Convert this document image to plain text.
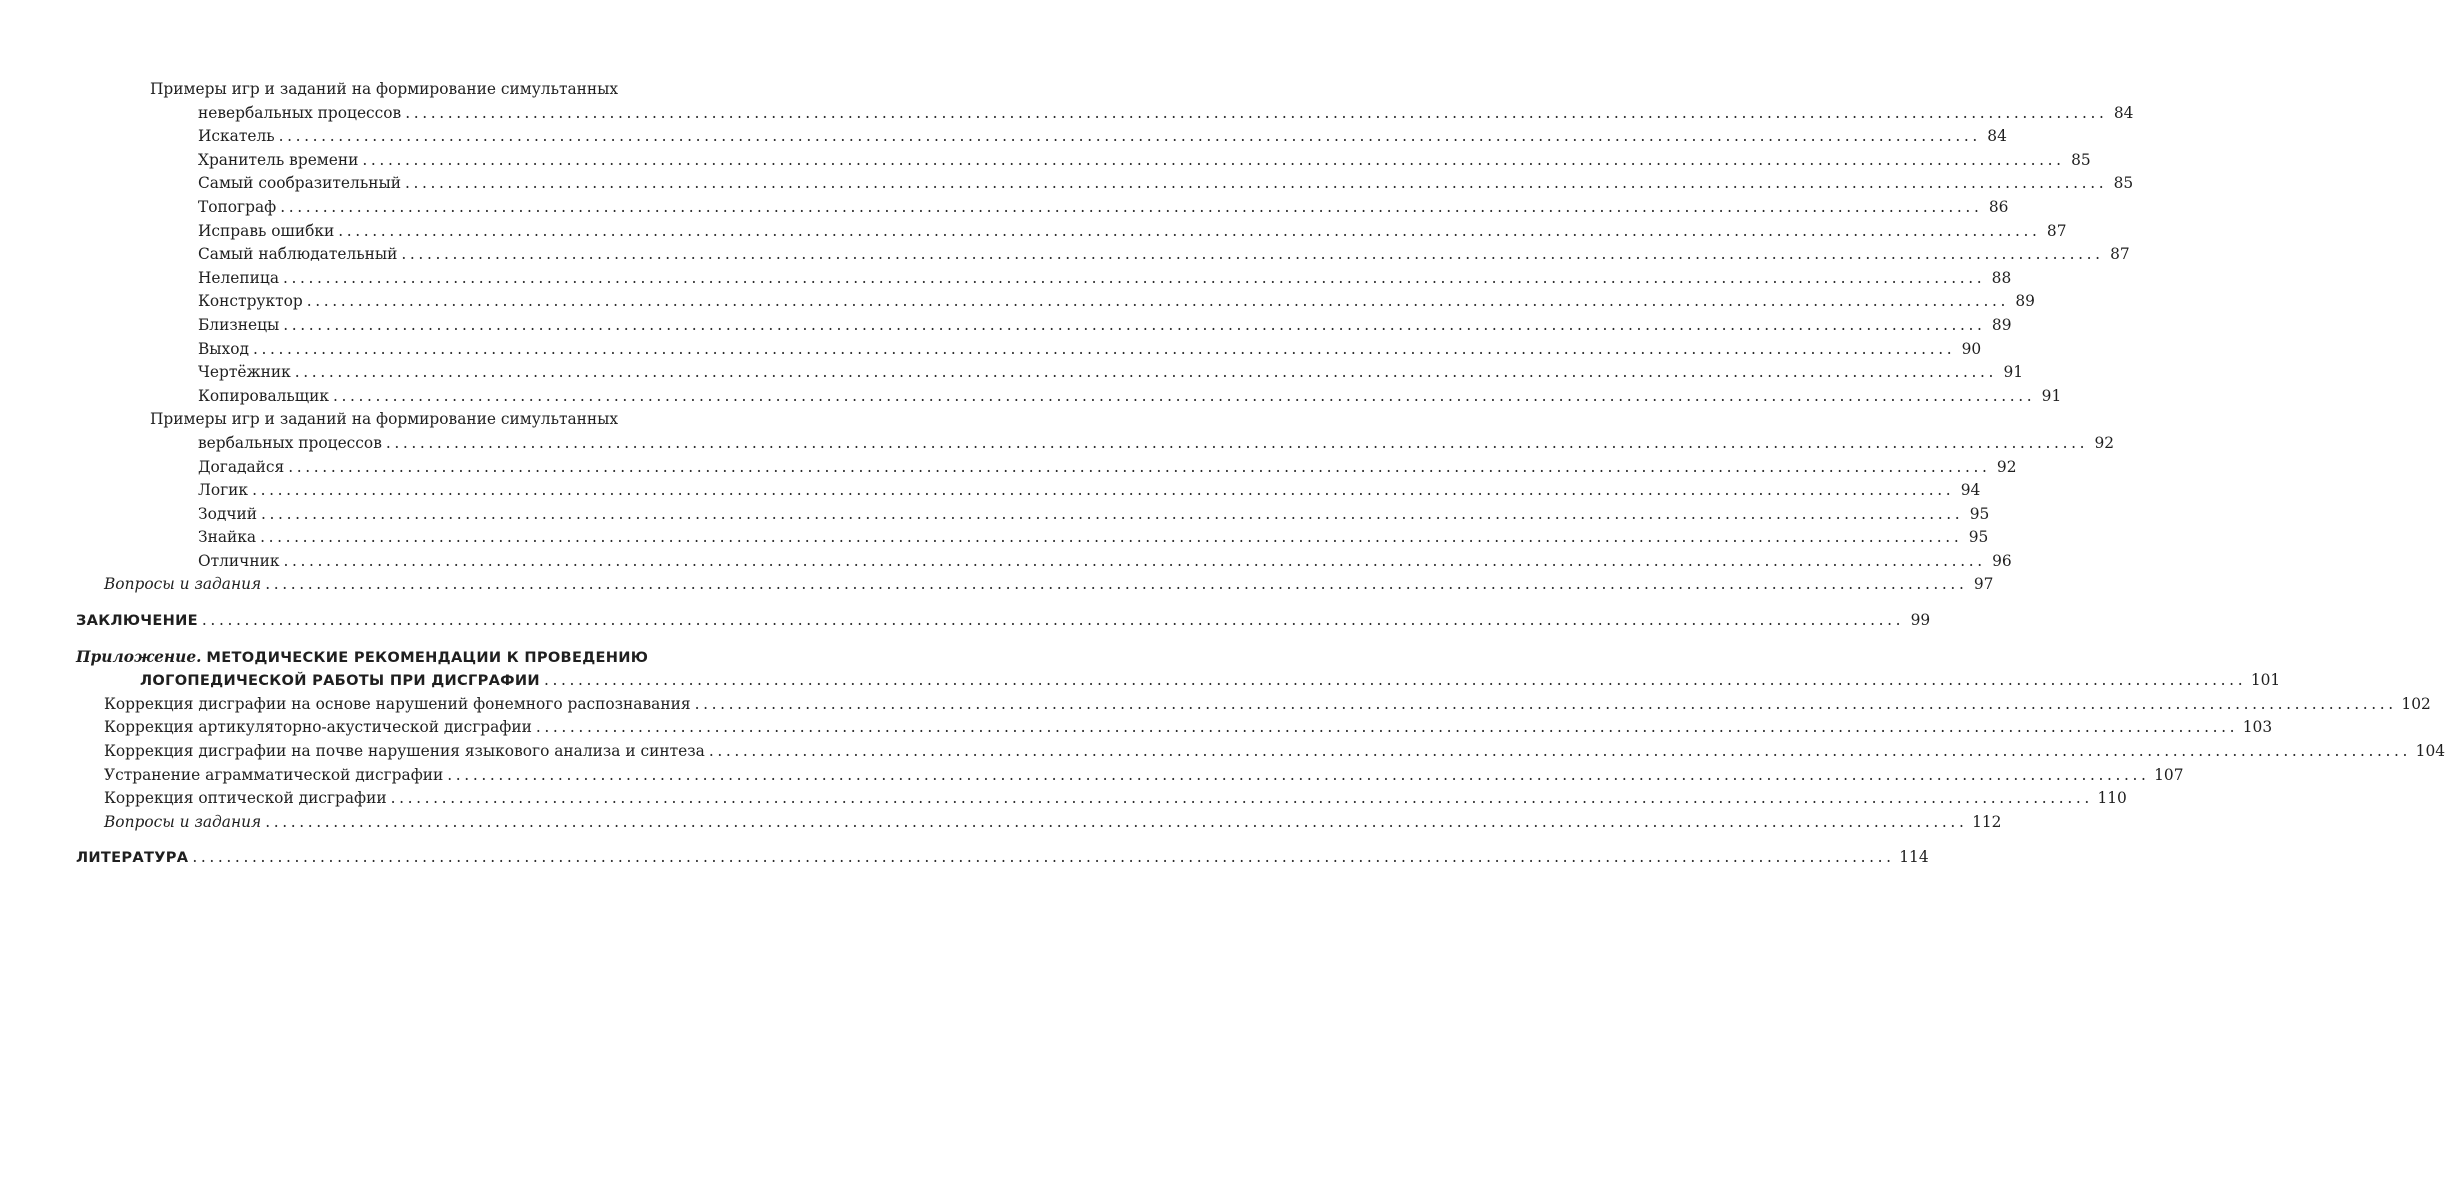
Примеры игр и заданий на формирование симультанных
невербальных процессов ........................................................................................................................................................................................................ 84
Искатель ........................................................................................................................................................................................................ 84
Хранитель времени ........................................................................................................................................................................................................ 85
Самый сообразительный ........................................................................................................................................................................................................ 85
Топограф ........................................................................................................................................................................................................ 86
Исправь ошибки ........................................................................................................................................................................................................ 87
Самый наблюдательный ........................................................................................................................................................................................................ 87
Нелепица ........................................................................................................................................................................................................ 88
Конструктор ........................................................................................................................................................................................................ 89
Близнецы ........................................................................................................................................................................................................ 89
Выход ........................................................................................................................................................................................................ 90
Чертёжник ........................................................................................................................................................................................................ 91
Копировальщик ........................................................................................................................................................................................................ 91
Примеры игр и заданий на формирование симультанных
вербальных процессов ........................................................................................................................................................................................................ 92
Догадайся ........................................................................................................................................................................................................ 92
Логик ........................................................................................................................................................................................................ 94
Зодчий ........................................................................................................................................................................................................ 95
Знайка ........................................................................................................................................................................................................ 95
Отличник ........................................................................................................................................................................................................ 96
Вопросы и задания ........................................................................................................................................................................................................ 97
ЗАКЛЮЧЕНИЕ ........................................................................................................................................................................................................ 99
Приложение. МЕТОДИЧЕСКИЕ РЕКОМЕНДАЦИИ К ПРОВЕДЕНИЮ
ЛОГОПЕДИЧЕСКОЙ РАБОТЫ ПРИ ДИСГРАФИИ ........................................................................................................................................................................................................ 101
Коррекция дисграфии на основе нарушений фонемного распознавания ........................................................................................................................................................................................................ 102
Коррекция артикуляторно-акустической дисграфии ........................................................................................................................................................................................................ 103
Коррекция дисграфии на почве нарушения языкового анализа и синтеза ........................................................................................................................................................................................................ 104
Устранение аграмматической дисграфии ........................................................................................................................................................................................................ 107
Коррекция оптической дисграфии ........................................................................................................................................................................................................ 110
Вопросы и задания ........................................................................................................................................................................................................ 112
ЛИТЕРАТУРА ........................................................................................................................................................................................................ 114
